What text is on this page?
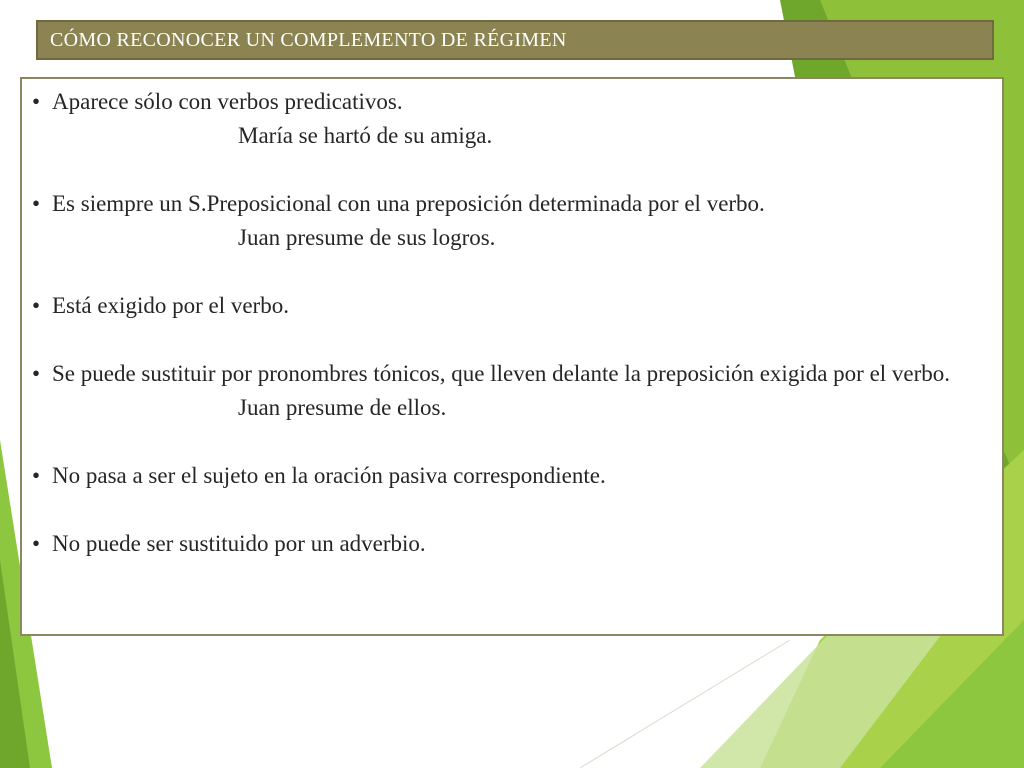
CÓMO RECONOCER UN COMPLEMENTO DE RÉGIMEN
• Aparece sólo con verbos predicativos.
María se hartó de su amiga.
• Es siempre un S.Preposicional con una preposición determinada por el verbo.
Juan presume de sus logros.
• Está exigido por el verbo.
• Se puede sustituir por pronombres tónicos, que lleven delante la preposición exigida por el verbo.
Juan presume de ellos.
• No pasa a ser el sujeto en la oración pasiva correspondiente.
• No puede ser sustituido por un adverbio.
